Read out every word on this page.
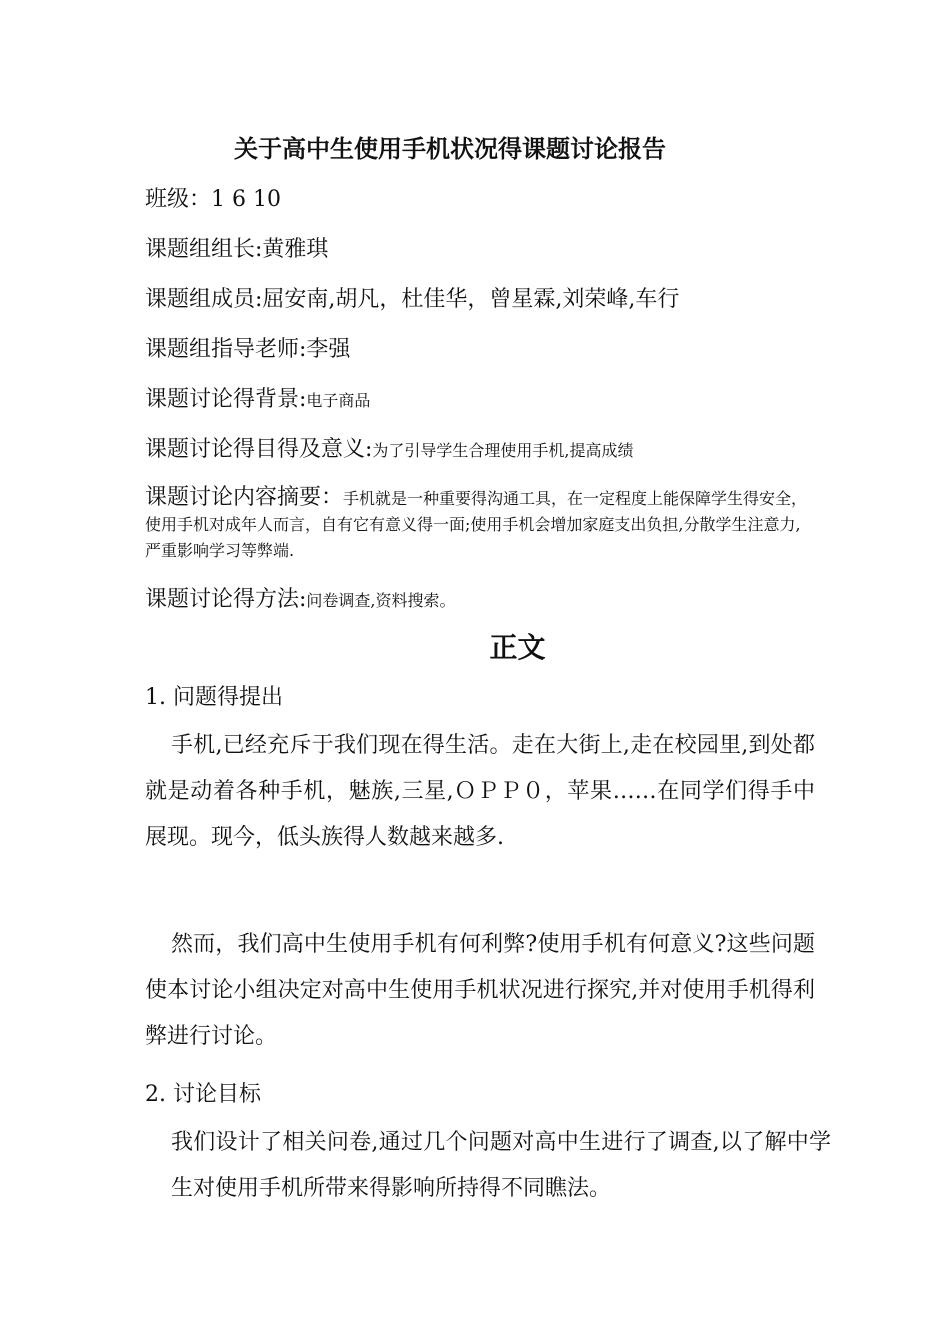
关于高中生使用手机状况得课题讨论报告
班级：1 6 10
课题组组长:黄雅琪
课题组成员:屈安南,胡凡，杜佳华，曾星霖,刘荣峰,车行
课题组指导老师:李强
课题讨论得背景:电子商品
课题讨论得目得及意义:为了引导学生合理使用手机,提高成绩
课题讨论内容摘要：手机就是一种重要得沟通工具，在一定程度上能保障学生得安全，使用手机对成年人而言，自有它有意义得一面;使用手机会增加家庭支出负担,分散学生注意力,严重影响学习等弊端.
课题讨论得方法:问卷调查,资料搜索。
正文
1. 问题得提出
手机,已经充斥于我们现在得生活。走在大街上,走在校园里,到处都就是动着各种手机，魅族,三星,ＯＰＰ０，苹果……在同学们得手中展现。现今，低头族得人数越来越多.
然而，我们高中生使用手机有何利弊?使用手机有何意义?这些问题使本讨论小组决定对高中生使用手机状况进行探究,并对使用手机得利弊进行讨论。
2. 讨论目标
我们设计了相关问卷,通过几个问题对高中生进行了调查,以了解中学生对使用手机所带来得影响所持得不同瞧法。
